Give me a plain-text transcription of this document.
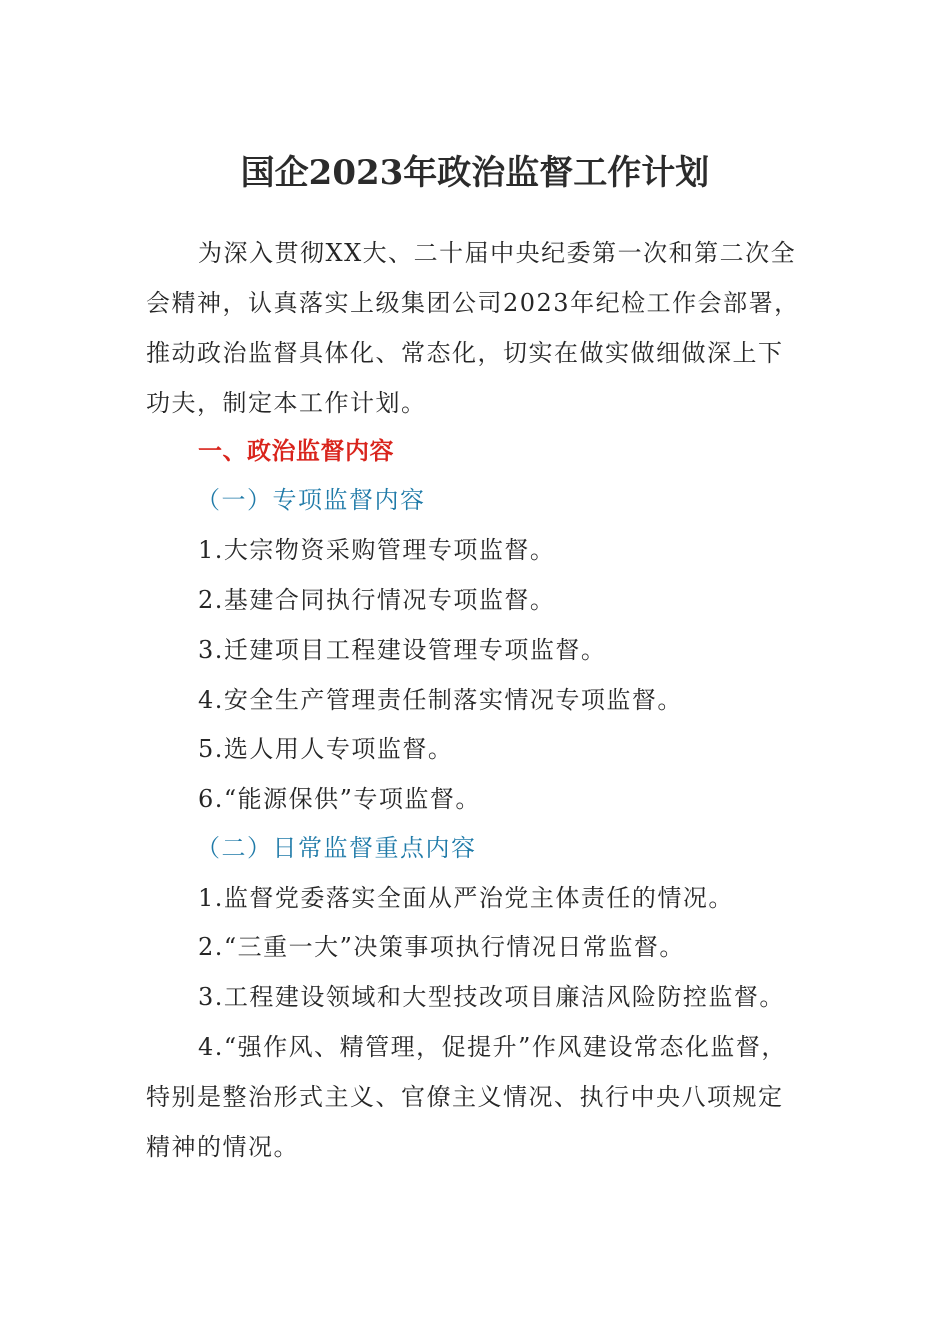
国企2023年政治监督工作计划
为深入贯彻XX大、二十届中央纪委第一次和第二次全会精神，认真落实上级集团公司2023年纪检工作会部署，推动政治监督具体化、常态化，切实在做实做细做深上下功夫，制定本工作计划。
一、政治监督内容
（一）专项监督内容
1.大宗物资采购管理专项监督。
2.基建合同执行情况专项监督。
3.迁建项目工程建设管理专项监督。
4.安全生产管理责任制落实情况专项监督。
5.选人用人专项监督。
6.“能源保供”专项监督。
（二）日常监督重点内容
1.监督党委落实全面从严治党主体责任的情况。
2.“三重一大”决策事项执行情况日常监督。
3.工程建设领域和大型技改项目廉洁风险防控监督。
4.“强作风、精管理，促提升”作风建设常态化监督，特别是整治形式主义、官僚主义情况、执行中央八项规定精神的情况。
